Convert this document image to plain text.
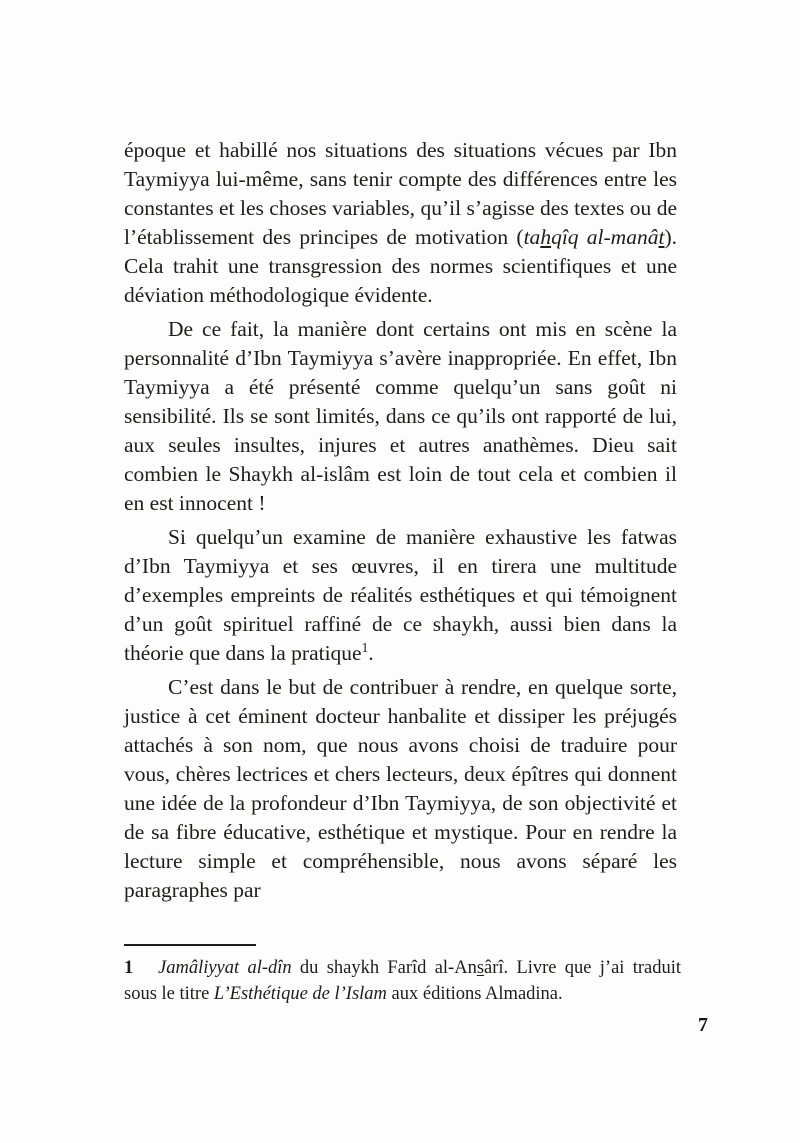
époque et habillé nos situations des situations vécues par Ibn Taymiyya lui-même, sans tenir compte des différences entre les constantes et les choses variables, qu’il s’agisse des textes ou de l’établissement des principes de motivation (tahqîq al-manât). Cela trahit une transgression des normes scientifiques et une déviation méthodologique évidente.

De ce fait, la manière dont certains ont mis en scène la personnalité d’Ibn Taymiyya s’avère inappropriée. En effet, Ibn Taymiyya a été présenté comme quelqu’un sans goût ni sensibilité. Ils se sont limités, dans ce qu’ils ont rapporté de lui, aux seules insultes, injures et autres anathèmes. Dieu sait combien le Shaykh al-islâm est loin de tout cela et combien il en est innocent !

Si quelqu’un examine de manière exhaustive les fatwas d’Ibn Taymiyya et ses œuvres, il en tirera une multitude d’exemples empreints de réalités esthétiques et qui témoignent d’un goût spirituel raffiné de ce shaykh, aussi bien dans la théorie que dans la pratique$^1$.

C’est dans le but de contribuer à rendre, en quelque sorte, justice à cet éminent docteur hanbalite et dissiper les préjugés attachés à son nom, que nous avons choisi de traduire pour vous, chères lectrices et chers lecteurs, deux épîtres qui donnent une idée de la profondeur d’Ibn Taymiyya, de son objectivité et de sa fibre éducative, esthétique et mystique. Pour en rendre la lecture simple et compréhensible, nous avons séparé les paragraphes par

1 Jamâliyyat al-dîn du shaykh Farîd al-Ansârî. Livre que j’ai traduit sous le titre L’Esthétique de l’Islam aux éditions Almadina.
7
